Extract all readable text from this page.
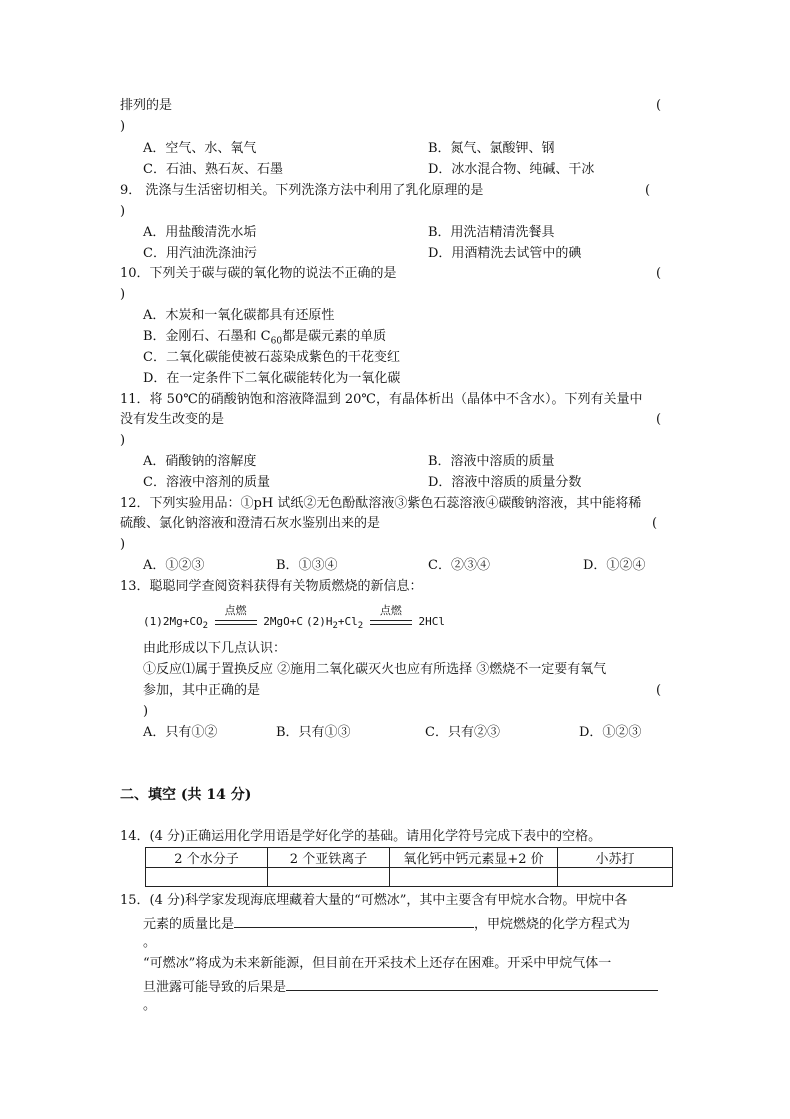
排列的是	(
)
A．空气、水、氧气	B．氮气、氯酸钾、钢
C．石油、熟石灰、石墨	D．冰水混合物、纯碱、干冰
9． 洗涤与生活密切相关。下列洗涤方法中利用了乳化原理的是	(
)
A．用盐酸清洗水垢	B．用洗洁精清洗餐具
C．用汽油洗涤油污	D．用酒精洗去试管中的碘
10．下列关于碳与碳的氧化物的说法不正确的是	(
)
A．木炭和一氧化碳都具有还原性
B．金刚石、石墨和 $C_{60}$都是碳元素的单质
C．二氧化碳能使被石蕊染成紫色的干花变红
D．在一定条件下二氧化碳能转化为一氧化碳
11．将 50℃的硝酸钠饱和溶液降温到 20℃，有晶体析出（晶体中不含水）。下列有关量中
没有发生改变的是	(
)
A．硝酸钠的溶解度	B．溶液中溶质的质量
C．溶液中溶剂的质量	D．溶液中溶质的质量分数
12．下列实验用品：①pH 试纸②无色酚酞溶液③紫色石蕊溶液④碳酸钠溶液，其中能将稀
硫酸、氯化钠溶液和澄清石灰水鉴别出来的是	(
)
A．①②③	B．①③④	C．②③④	D．①②④
13．聪聪同学查阅资料获得有关物质燃烧的新信息：
$(1)2Mg+CO_2$
点燃
2MgO+C $(2)H_2+Cl_2$
点燃
2HCl
由此形成以下几点认识：
①反应⑴属于置换反应 ②施用二氧化碳灭火也应有所选择 ③燃烧不一定要有氧气
参加，其中正确的是	(
)
A．只有①②	B．只有①③	C．只有②③	D．①②③
二、填空 (共 14 分)
14．(4 分)正确运用化学用语是学好化学的基础。请用化学符号完成下表中的空格。
2 个水分子	2 个亚铁离子	氧化钙中钙元素显+2 价	小苏打

15．(4 分)科学家发现海底埋藏着大量的“可燃冰”，其中主要含有甲烷水合物。甲烷中各
元素的质量比是	，甲烷燃烧的化学方程式为
。
“可燃冰”将成为未来新能源，但目前在开采技术上还存在困难。开采中甲烷气体一
旦泄露可能导致的后果是
。
